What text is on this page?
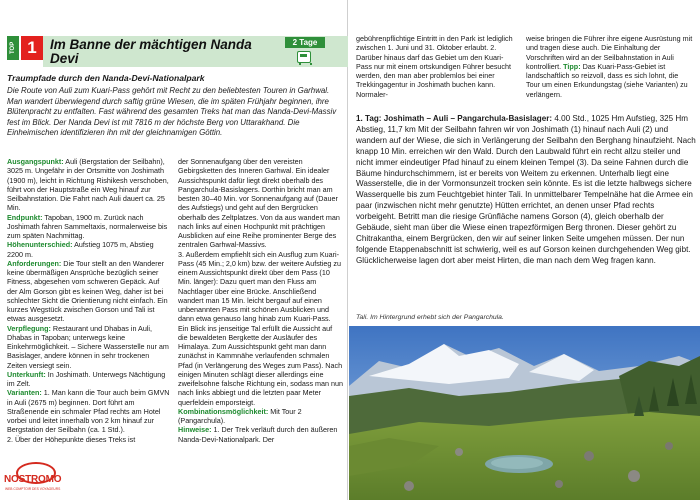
TOP 1 Im Banne der mächtigen Nanda Devi
2 Tage
Traumpfade durch den Nanda-Devi-Nationalpark
Die Route von Auli zum Kuari-Pass gehört mit Recht zu den beliebtesten Touren in Garhwal. Man wandert überwiegend durch saftig grüne Wiesen, die im späten Frühjahr beginnen, ihre Blütenpracht zu entfalten. Fast während des gesamten Treks hat man das Nanda-Devi-Massiv fest im Blick. Der Nanda Devi ist mit 7816 m der höchste Berg von Uttarakhand. Die Einheimischen identifizieren ihn mit der gleichnamigen Göttin.

Ausgangspunkt: Auli (Bergstation der Seilbahn), 3025 m. Ungefähr in der Ortsmitte von Joshimath (1900 m), leicht in Richtung Rishikesh verschoben, führt von der Hauptstraße ein Weg hinauf zur Seilbahnstation. Die Fahrt nach Auli dauert ca. 25 Min.

Endpunkt: Tapoban, 1900 m. Zurück nach Joshimath fahren Sammeltaxis, normalerweise bis zum späten Nachmittag.

Höhenunterschied: Aufstieg 1075 m, Abstieg 2200 m.

Anforderungen: Die Tour stellt an den Wanderer keine übermäßigen Ansprüche bezüglich seiner Fitness, abgesehen vom schweren Gepäck. Auf der Alm Gorson gibt es keinen Weg, daher ist bei schlechter Sicht die Orientierung nicht einfach. Ein kurzes Wegstück zwischen Gorson und Tali ist etwas ausgesetzt.

Verpflegung: Restaurant und Dhabas in Auli, Dhabas in Tapoban; unterwegs keine Einkehrmöglichkeit. – Sichere Wasserstelle nur am Basislager, andere können in sehr trockenen Zeiten versiegt sein.

Unterkunft: In Joshimath. Unterwegs Nächtigung im Zelt.

Varianten: 1. Man kann die Tour auch beim GMVN in Auli (2675 m) beginnen. Dort führt am Straßenende ein schmaler Pfad rechts am Hotel vorbei und leitet innerhalb von 2 km hinauf zur Bergstation der Seilbahn (ca. 1 Std.).

2. Über der Höhepunkte dieses Treks ist

der Sonnenaufgang über den vereisten Gebirgsketten des Inneren Garhwal. Ein idealer Aussichtspunkt dafür liegt direkt oberhalb des Pangarchula-Basislagers. Dorthin bricht man am besten 30–40 Min. vor Sonnenaufgang auf (Dauer des Aufstiegs) und geht auf den Bergrücken oberhalb des Zeltplatzes. Von da aus wandert man nach links auf einen Hochpunkt mit prächtigen Ausblicken auf eine Reihe prominenter Berge des zentralen Garhwal-Massivs.

3. Außerdem empfiehlt sich ein Ausflug zum Kuari-Pass (45 Min.; 2,0 km) bzw. der weitere Aufstieg zu einem Aussichtspunkt direkt über dem Pass (10 Min. länger): Dazu quert man den Fluss am Nachtlager über eine Brücke. Anschließend wandert man 15 Min. leicht bergauf auf einen unbenannten Pass mit schönen Ausblicken und dann etwa genauso lang hinab zum Kuari-Pass. Ein Blick ins jenseitige Tal erfüllt die Aussicht auf die bewaldeten Bergkette der Ausläufer des Himalaya. Zum Aussichtspunkt geht man dann zunächst in Kammnähe verlaufenden schmalen Pfad (in Verlängerung des Weges zum Pass). Nach einigen Minuten schlägt dieser allerdings eine zweifelsohne falsche Richtung ein, sodass man nun nach links abbiegt und die letzten paar Meter querfeldein emporsteigt.

Kombinationsmöglichkeit: Mit Tour 2 (Pangarchula).

Hinweise: 1. Der Trek verläuft durch den äußeren Nanda-Devi-Nationalpark. Der

NOSTROMO
WEB COMPTOIR DES VOYAGEURS
gebührenpflichtige Eintritt in den Park ist lediglich zwischen 1. Juni und 31. Oktober erlaubt. 2. Darüber hinaus darf das Gebiet um den Kuari-Pass nur mit einem ortskundigen Führer besucht werden, den man aber problemlos bei einer Trekkingagentur in Joshimath buchen kann. Normaler-
weise bringen die Führer ihre eigene Ausrüstung mit und tragen diese auch. Die Einhaltung der Vorschriften wird an der Seilbahnstation in Auli kontrolliert. Tipp: Das Kuari-Pass-Gebiet ist landschaftlich so reizvoll, dass es sich lohnt, die Tour um einen Erkundungstag (siehe Varianten) zu verlängern.
1. Tag: Joshimath – Auli – Pangarchula-Basislager: 4.00 Std., 1025 Hm Aufstieg, 325 Hm Abstieg, 11,7 km Mit der Seilbahn fahren wir von Joshimath (1) hinauf nach Auli (2) und wandern auf der Wiese, die sich in Verlängerung der Seilbahn den Berghang hinaufzieht. Nach knapp 10 Min. erreichen wir den Wald. Durch den Laubwald führt ein recht allzu steiler und nicht immer eindeutiger Pfad hinauf zu einem kleinen Tempel (3). Da seine Fahnen durch die Bäume hindurchschimmern, ist er bereits von Weitem zu erkennen. Unterhalb liegt eine Wasserstelle, die in der Vormonsunzeit trocken sein könnte. Es ist die letzte halbwegs sichere Wasserquelle bis zum Feuchtgebiet hinter Tali. In unmittelbarer Tempelnähe hat die Armee ein paar (inzwischen nicht mehr genutzte) Hütten errichtet, an denen unser Pfad rechts vorbeigeht. Betritt man die riesige Grünfläche namens Gorson (4), gleich oberhalb der Gebäude, sieht man über die Wiese einen trapezförmigen Berg thronen. Dieser gehört zu Chitrakantha, einem Bergrücken, den wir auf seiner linken Seite umgehen müssen. Der nun folgende Etappenabschnitt ist schwierig, weil es auf Gorson keinen durchgehenden Weg gibt. Glücklicherweise lagen dort aber meist Hirten, die man nach dem Weg fragen kann.
Tali. Im Hintergrund erhebt sich der Pangarchula.
